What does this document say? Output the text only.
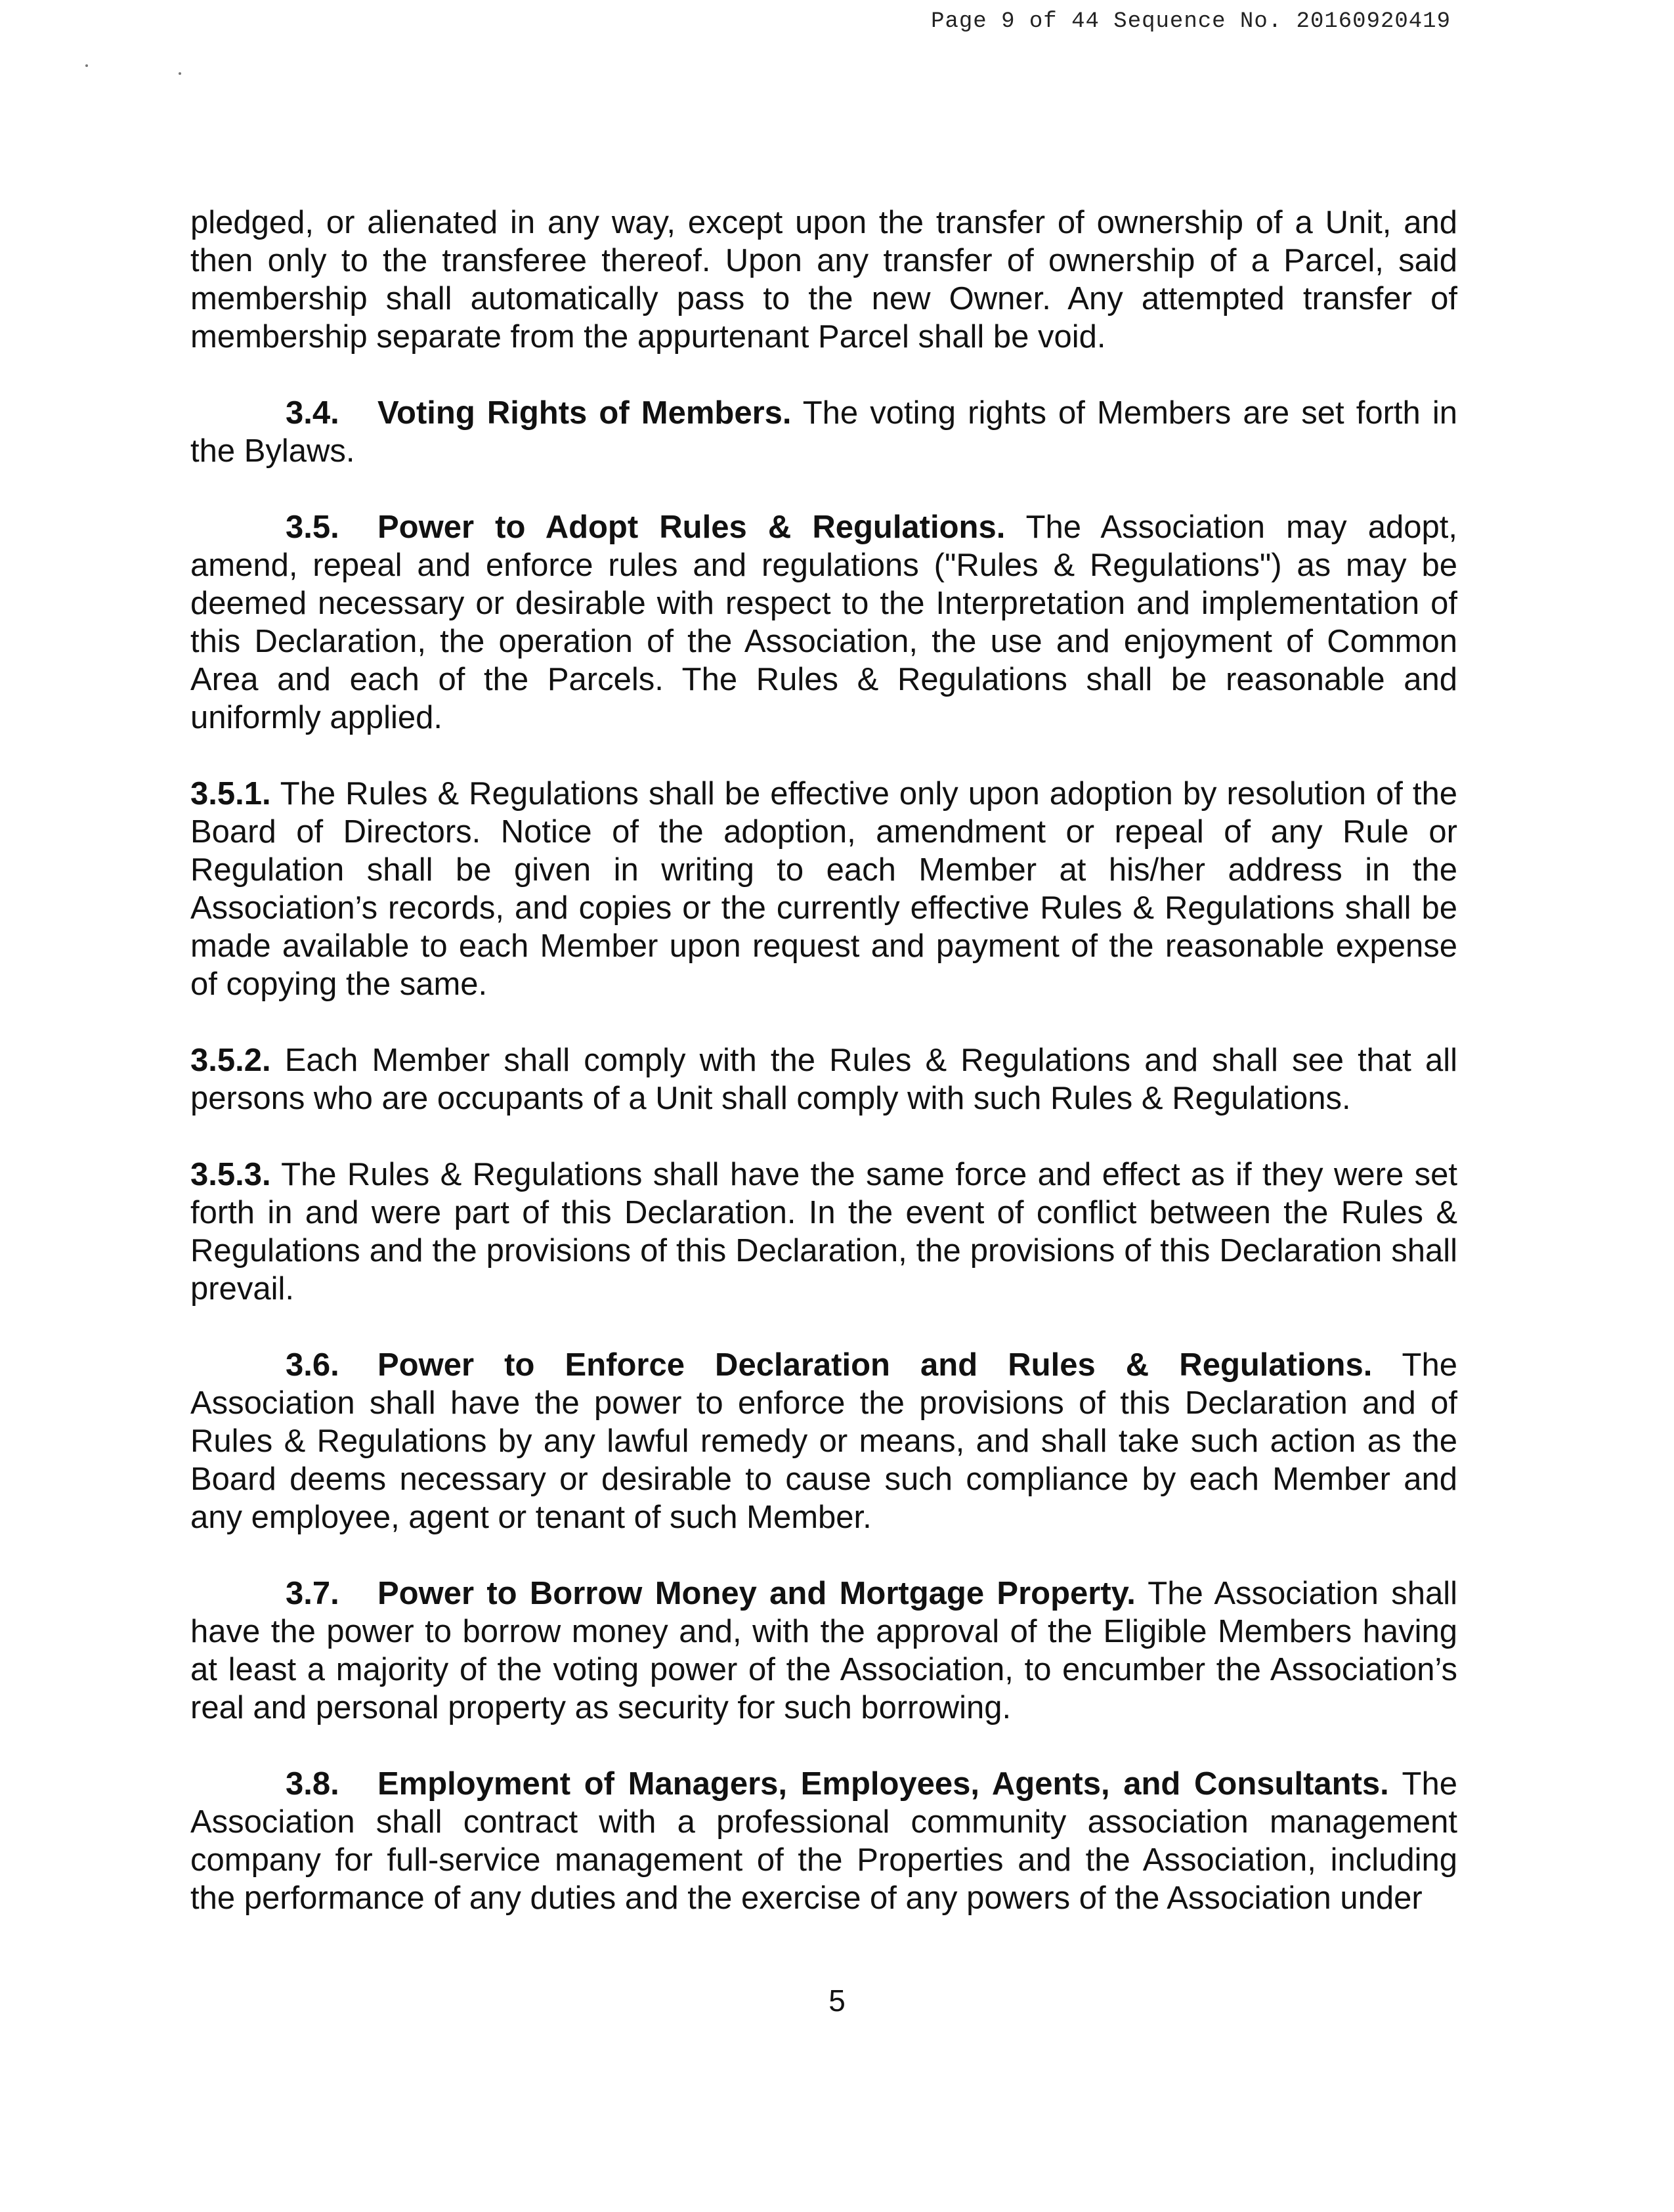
Page 9 of 44 Sequence No. 20160920419

pledged, or alienated in any way, except upon the transfer of ownership of a Unit, and then only to the transferee thereof. Upon any transfer of ownership of a Parcel, said membership shall automatically pass to the new Owner. Any attempted transfer of membership separate from the appurtenant Parcel shall be void.

3.4. Voting Rights of Members. The voting rights of Members are set forth in the Bylaws.

3.5. Power to Adopt Rules & Regulations. The Association may adopt, amend, repeal and enforce rules and regulations ("Rules & Regulations") as may be deemed necessary or desirable with respect to the Interpretation and implementation of this Declaration, the operation of the Association, the use and enjoyment of Common Area and each of the Parcels. The Rules & Regulations shall be reasonable and uniformly applied.

3.5.1. The Rules & Regulations shall be effective only upon adoption by resolution of the Board of Directors. Notice of the adoption, amendment or repeal of any Rule or Regulation shall be given in writing to each Member at his/her address in the Association’s records, and copies or the currently effective Rules & Regulations shall be made available to each Member upon request and payment of the reasonable expense of copying the same.

3.5.2. Each Member shall comply with the Rules & Regulations and shall see that all persons who are occupants of a Unit shall comply with such Rules & Regulations.

3.5.3. The Rules & Regulations shall have the same force and effect as if they were set forth in and were part of this Declaration. In the event of conflict between the Rules & Regulations and the provisions of this Declaration, the provisions of this Declaration shall prevail.

3.6. Power to Enforce Declaration and Rules & Regulations. The Association shall have the power to enforce the provisions of this Declaration and of Rules & Regulations by any lawful remedy or means, and shall take such action as the Board deems necessary or desirable to cause such compliance by each Member and any employee, agent or tenant of such Member.

3.7. Power to Borrow Money and Mortgage Property. The Association shall have the power to borrow money and, with the approval of the Eligible Members having at least a majority of the voting power of the Association, to encumber the Association’s real and personal property as security for such borrowing.

3.8. Employment of Managers, Employees, Agents, and Consultants. The Association shall contract with a professional community association management company for full-service management of the Properties and the Association, including the performance of any duties and the exercise of any powers of the Association under

5
